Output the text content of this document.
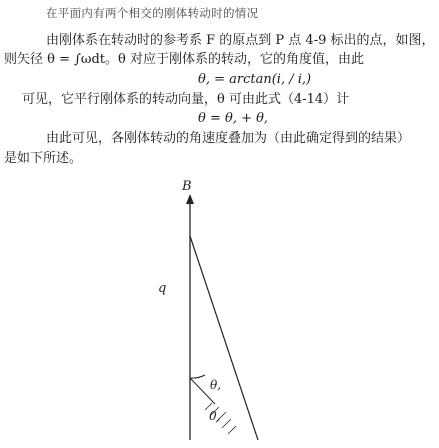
在平面内有两个相交的刚体转动时的情况
由刚体系在转动时的参考系 F 的原点到 P 点 4-9 标出的点，如图，
则矢径 θ = ∫ωdt。θ 对应于刚体系的转动，它的角度值，由此
θ, = arctan(i, / i,)
可见，它平行刚体系的转动向量，θ 可由此式（4-14）计
θ = θ, + θ,
由此可见，各刚体转动的角速度叠加为（由此确定得到的结果）
是如下所述。
B
q
θ,
0,
